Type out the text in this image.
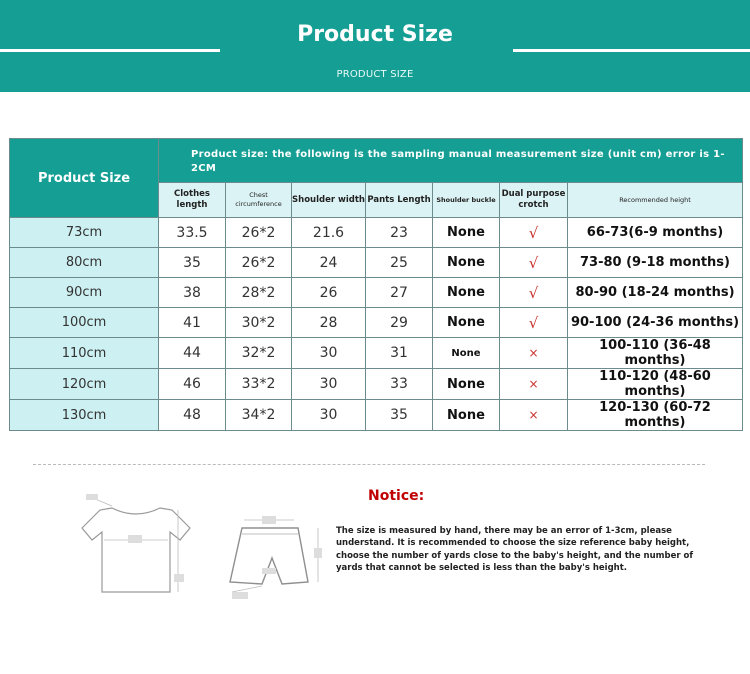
Product Size
PRODUCT SIZE
Product Size	Product size: the following is the sampling manual measurement size (unit cm) error is 1-2CM						
	Clothes length	Chest circumference	Shoulder width	Pants Length	Shoulder buckle	Dual purpose crotch	Recommended height
73cm	33.5	26*2	21.6	23	None	√	66-73(6-9 months)
80cm	35	26*2	24	25	None	√	73-80 (9-18 months)
90cm	38	28*2	26	27	None	√	80-90 (18-24 months)
100cm	41	30*2	28	29	None	√	90-100 (24-36 months)
110cm	44	32*2	30	31	None	×	100-110 (36-48 months)
120cm	46	33*2	30	33	None	×	110-120 (48-60 months)
130cm	48	34*2	30	35	None	×	120-130 (60-72 months)
Notice:
The size is measured by hand, there may be an error of 1-3cm, please understand. It is recommended to choose the size reference baby height, choose the number of yards close to the baby's height, and the number of yards that cannot be selected is less than the baby's height.
